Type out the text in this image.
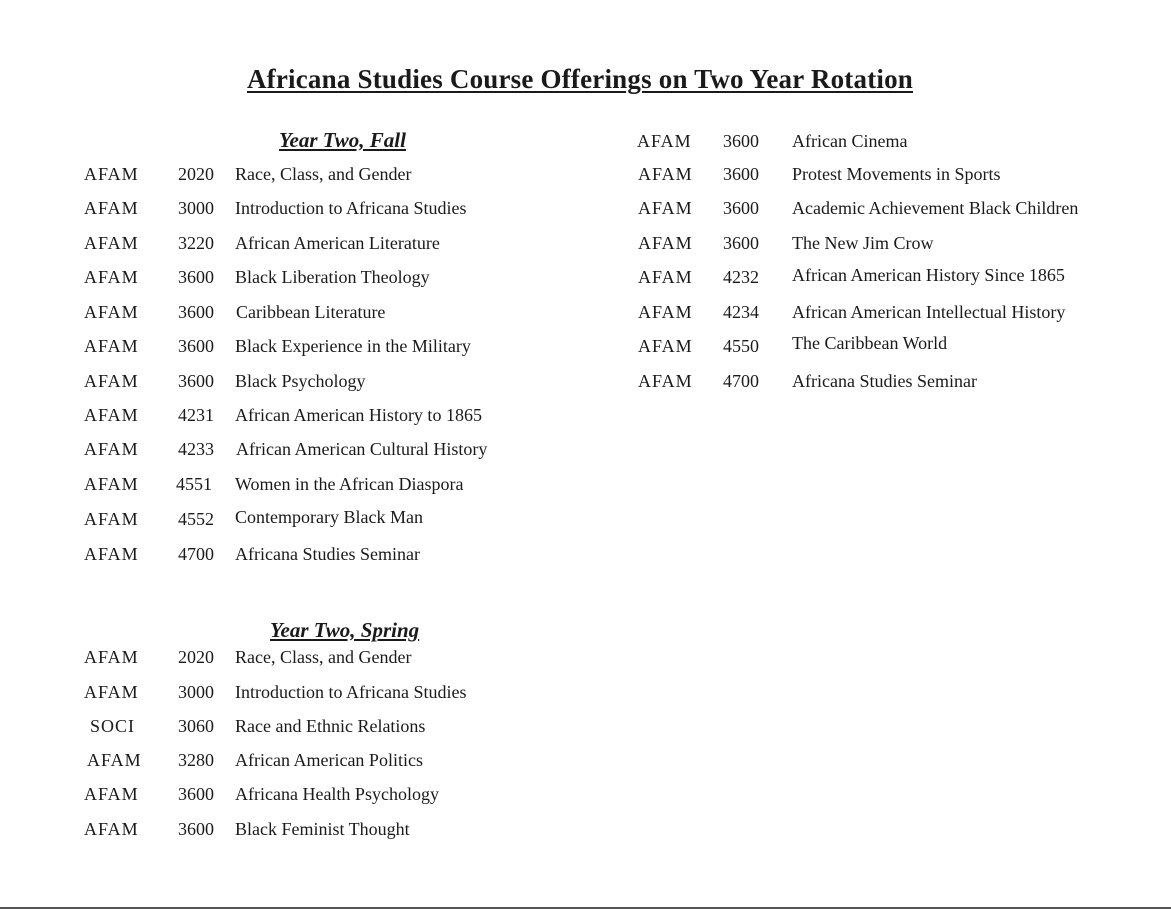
Africana Studies Course Offerings on Two Year Rotation
Year Two, Fall
AFAM 2020 Race, Class, and Gender
AFAM 3000 Introduction to Africana Studies
AFAM 3220 African American Literature
AFAM 3600 Black Liberation Theology
AFAM 3600 Caribbean Literature
AFAM 3600 Black Experience in the Military
AFAM 3600 Black Psychology
AFAM 4231 African American History to 1865
AFAM 4233 African American Cultural History
AFAM 4551 Women in the African Diaspora
AFAM 4552 Contemporary Black Man
AFAM 4700 Africana Studies Seminar
Year Two, Spring
AFAM 2020 Race, Class, and Gender
AFAM 3000 Introduction to Africana Studies
SOCI 3060 Race and Ethnic Relations
AFAM 3280 African American Politics
AFAM 3600 Africana Health Psychology
AFAM 3600 Black Feminist Thought
AFAM 3600 African Cinema
AFAM 3600 Protest Movements in Sports
AFAM 3600 Academic Achievement Black Children
AFAM 3600 The New Jim Crow
AFAM 4232 African American History Since 1865
AFAM 4234 African American Intellectual History
AFAM 4550 The Caribbean World
AFAM 4700 Africana Studies Seminar
